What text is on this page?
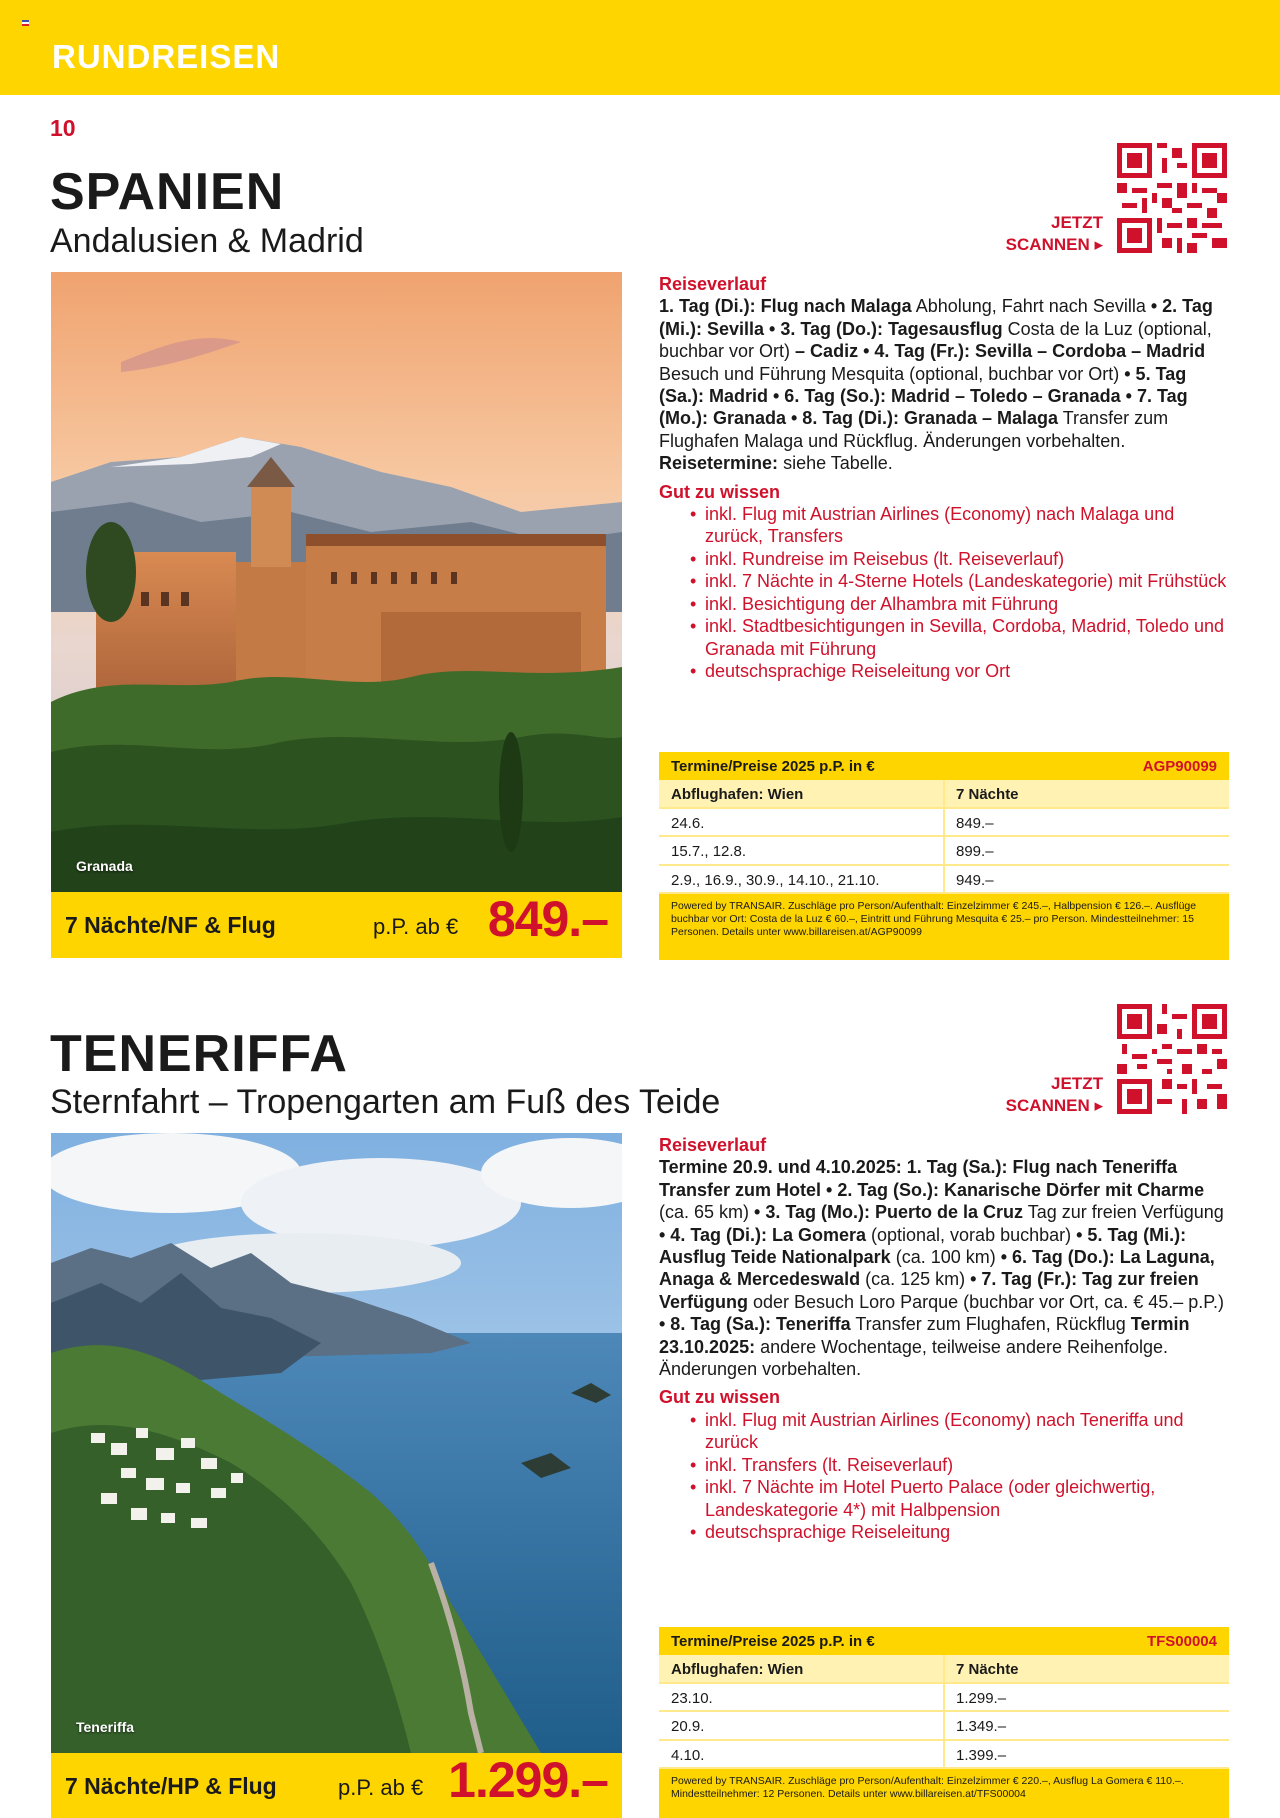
RUNDREISEN
10
SPANIEN
Andalusien & Madrid	JETZT
SCANNEN ▸
Granada
7 Nächte/NF & Flug	p.P. ab € 849.–
Reiseverlauf
1. Tag (Di.): Flug nach Malaga Abholung, Fahrt nach Sevilla • 2. Tag (Mi.): Sevilla • 3. Tag (Do.): Tagesausflug Costa de la Luz (optional, buchbar vor Ort) – Cadiz • 4. Tag (Fr.): Sevilla – Cordoba – Madrid Besuch und Führung Mesquita (optional, buchbar vor Ort) • 5. Tag (Sa.): Madrid • 6. Tag (So.): Madrid – Toledo – Granada • 7. Tag (Mo.): Granada • 8. Tag (Di.): Granada – Malaga Transfer zum Flughafen Malaga und Rückflug. Änderungen vorbehalten. Reisetermine: siehe Tabelle.
Gut zu wissen
• inkl. Flug mit Austrian Airlines (Economy) nach Malaga und zurück, Transfers
• inkl. Rundreise im Reisebus (lt. Reiseverlauf)
• inkl. 7 Nächte in 4-Sterne Hotels (Landeskategorie) mit Frühstück
• inkl. Besichtigung der Alhambra mit Führung
• inkl. Stadtbesichtigungen in Sevilla, Cordoba, Madrid, Toledo und Granada mit Führung
• deutschsprachige Reiseleitung vor Ort
Termine/Preise 2025 p.P. in €	AGP90099
Abflughafen: Wien	7 Nächte
24.6.	849.–
15.7., 12.8.	899.–
2.9., 16.9., 30.9., 14.10., 21.10.	949.–
Powered by TRANSAIR. Zuschläge pro Person/Aufenthalt: Einzelzimmer € 245.–, Halbpension € 126.–. Ausflüge buchbar vor Ort: Costa de la Luz € 60.–, Eintritt und Führung Mesquita € 25.– pro Person. Mindestteilnehmer: 15 Personen. Details unter www.billareisen.at/AGP90099
TENERIFFA
Sternfahrt – Tropengarten am Fuß des Teide	JETZT
SCANNEN ▸
Teneriffa
7 Nächte/HP & Flug	p.P. ab € 1.299.–
Reiseverlauf
Termine 20.9. und 4.10.2025: 1. Tag (Sa.): Flug nach Teneriffa Transfer zum Hotel • 2. Tag (So.): Kanarische Dörfer mit Charme (ca. 65 km) • 3. Tag (Mo.): Puerto de la Cruz Tag zur freien Verfügung • 4. Tag (Di.): La Gomera (optional, vorab buchbar) • 5. Tag (Mi.): Ausflug Teide Nationalpark (ca. 100 km) • 6. Tag (Do.): La Laguna, Anaga & Mercedeswald (ca. 125 km) • 7. Tag (Fr.): Tag zur freien Verfügung oder Besuch Loro Parque (buchbar vor Ort, ca. € 45.– p.P.) • 8. Tag (Sa.): Teneriffa Transfer zum Flughafen, Rückflug Termin 23.10.2025: andere Wochentage, teilweise andere Reihenfolge. Änderungen vorbehalten.
Gut zu wissen
• inkl. Flug mit Austrian Airlines (Economy) nach Teneriffa und zurück
• inkl. Transfers (lt. Reiseverlauf)
• inkl. 7 Nächte im Hotel Puerto Palace (oder gleichwertig, Landeskategorie 4*) mit Halbpension
• deutschsprachige Reiseleitung
Termine/Preise 2025 p.P. in €	TFS00004
Abflughafen: Wien	7 Nächte
23.10.	1.299.–
20.9.	1.349.–
4.10.	1.399.–
Powered by TRANSAIR. Zuschläge pro Person/Aufenthalt: Einzelzimmer € 220.–, Ausflug La Gomera € 110.–. Mindestteilnehmer: 12 Personen. Details unter www.billareisen.at/TFS00004
